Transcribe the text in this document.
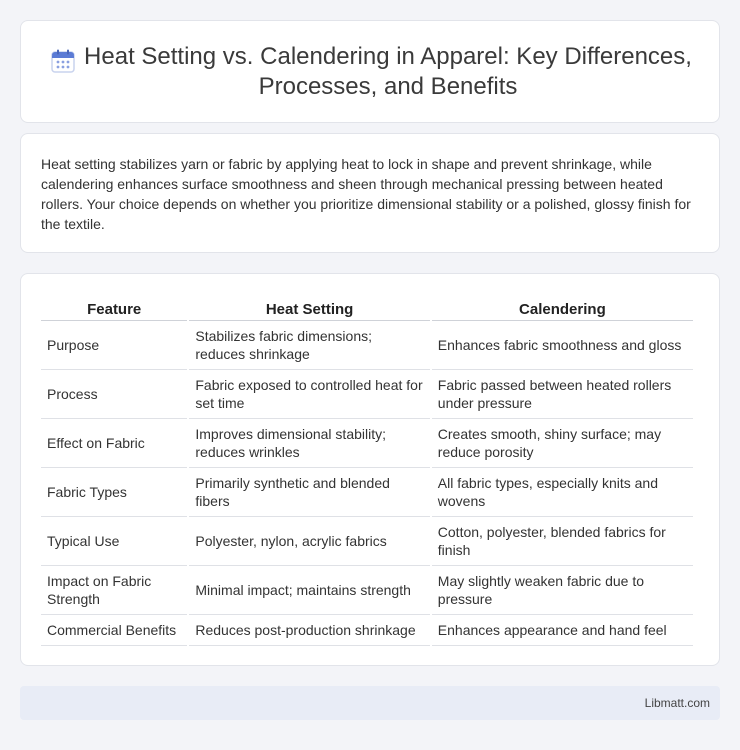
Heat Setting vs. Calendering in Apparel: Key Differences, Processes, and Benefits

Heat setting stabilizes yarn or fabric by applying heat to lock in shape and prevent shrinkage, while calendering enhances surface smoothness and sheen through mechanical pressing between heated rollers. Your choice depends on whether you prioritize dimensional stability or a polished, glossy finish for the textile.

Feature	Heat Setting	Calendering
Purpose	Stabilizes fabric dimensions; reduces shrinkage	Enhances fabric smoothness and gloss
Process	Fabric exposed to controlled heat for set time	Fabric passed between heated rollers under pressure
Effect on Fabric	Improves dimensional stability; reduces wrinkles	Creates smooth, shiny surface; may reduce porosity
Fabric Types	Primarily synthetic and blended fibers	All fabric types, especially knits and wovens
Typical Use	Polyester, nylon, acrylic fabrics	Cotton, polyester, blended fabrics for finish
Impact on Fabric Strength	Minimal impact; maintains strength	May slightly weaken fabric due to pressure
Commercial Benefits	Reduces post-production shrinkage	Enhances appearance and hand feel
Libmatt.com
